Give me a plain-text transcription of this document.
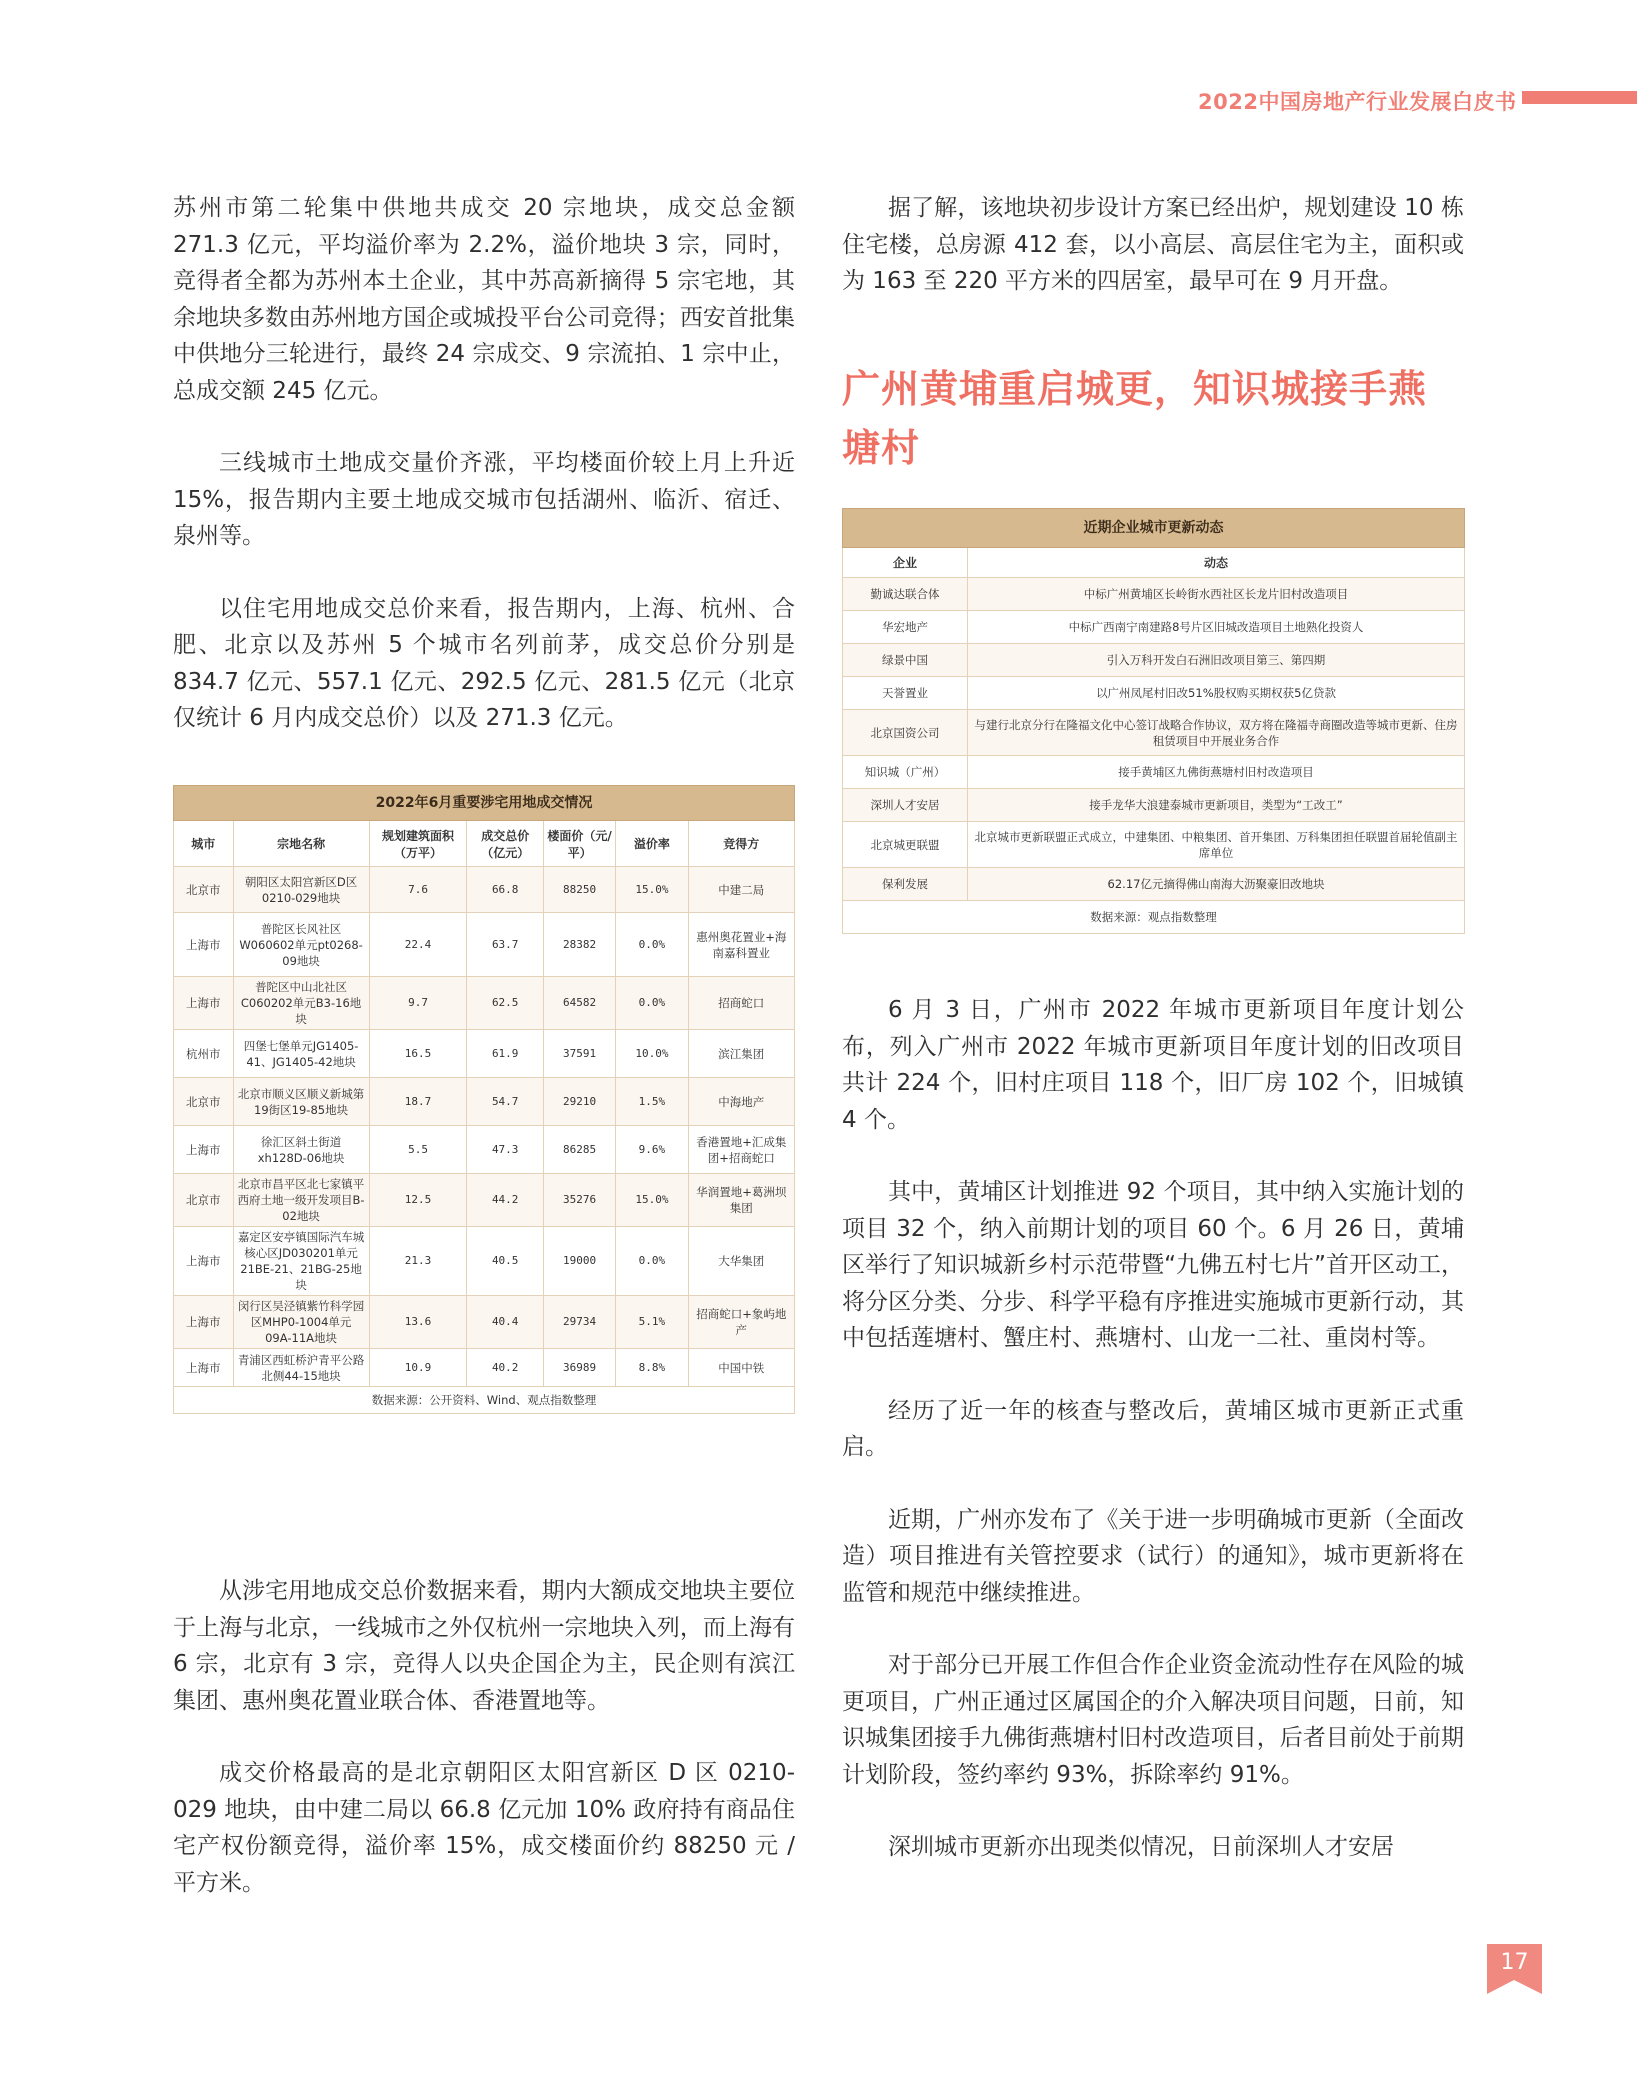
2022中国房地产行业发展白皮书

苏州市第二轮集中供地共成交 20 宗地块，成交总金额 271.3 亿元，平均溢价率为 2.2%，溢价地块 3 宗，同时，竞得者全都为苏州本土企业，其中苏高新摘得 5 宗宅地，其余地块多数由苏州地方国企或城投平台公司竞得；西安首批集中供地分三轮进行，最终 24 宗成交、9 宗流拍、1 宗中止，总成交额 245 亿元。

三线城市土地成交量价齐涨，平均楼面价较上月上升近 15%，报告期内主要土地成交城市包括湖州、临沂、宿迁、泉州等。

以住宅用地成交总价来看，报告期内，上海、杭州、合肥、北京以及苏州 5 个城市名列前茅，成交总价分别是 834.7 亿元、557.1 亿元、292.5 亿元、281.5 亿元（北京仅统计 6 月内成交总价）以及 271.3 亿元。

2022年6月重要涉宅用地成交情况						
城市	宗地名称	规划建筑面积（万平）	成交总价（亿元）	楼面价（元/平）	溢价率	竞得方
北京市	朝阳区太阳宫新区D区0210-029地块	7.6	66.8	88250	15.0%	中建二局
上海市	普陀区长风社区W060602单元pt0268-09地块	22.4	63.7	28382	0.0%	惠州奥花置业+海南嘉科置业
上海市	普陀区中山北社区C060202单元B3-16地块	9.7	62.5	64582	0.0%	招商蛇口
杭州市	四堡七堡单元JG1405-41、JG1405-42地块	16.5	61.9	37591	10.0%	滨江集团
北京市	北京市顺义区顺义新城第19街区19-85地块	18.7	54.7	29210	1.5%	中海地产
上海市	徐汇区斜土街道xh128D-06地块	5.5	47.3	86285	9.6%	香港置地+汇成集团+招商蛇口
北京市	北京市昌平区北七家镇平西府土地一级开发项目B-02地块	12.5	44.2	35276	15.0%	华润置地+葛洲坝集团
上海市	嘉定区安亭镇国际汽车城核心区JD030201单元21BE-21、21BG-25地块	21.3	40.5	19000	0.0%	大华集团
上海市	闵行区吴泾镇紫竹科学园区MHP0-1004单元09A-11A地块	13.6	40.4	29734	5.1%	招商蛇口+象屿地产
上海市	青浦区西虹桥沪青平公路北侧44-15地块	10.9	40.2	36989	8.8%	中国中铁
数据来源：公开资料、Wind、观点指数整理						

从涉宅用地成交总价数据来看，期内大额成交地块主要位于上海与北京，一线城市之外仅杭州一宗地块入列，而上海有 6 宗，北京有 3 宗，竞得人以央企国企为主，民企则有滨江集团、惠州奥花置业联合体、香港置地等。

成交价格最高的是北京朝阳区太阳宫新区 D 区 0210-029 地块，由中建二局以 66.8 亿元加 10% 政府持有商品住宅产权份额竞得，溢价率 15%，成交楼面价约 88250 元 / 平方米。

据了解，该地块初步设计方案已经出炉，规划建设 10 栋住宅楼，总房源 412 套，以小高层、高层住宅为主，面积或为 163 至 220 平方米的四居室，最早可在 9 月开盘。

广州黄埔重启城更，知识城接手燕塘村
近期企业城市更新动态	
企业	动态
勤诚达联合体	中标广州黄埔区长岭街水西社区长龙片旧村改造项目
华宏地产	中标广西南宁南建路8号片区旧城改造项目土地熟化投资人
绿景中国	引入万科开发白石洲旧改项目第三、第四期
天誉置业	以广州凤尾村旧改51%股权购买期权获5亿贷款
北京国资公司	与建行北京分行在隆福文化中心签订战略合作协议，双方将在隆福寺商圈改造等城市更新、住房租赁项目中开展业务合作
知识城（广州）	接手黄埔区九佛街燕塘村旧村改造项目
深圳人才安居	接手龙华大浪建泰城市更新项目，类型为“工改工”
北京城更联盟	北京城市更新联盟正式成立，中建集团、中粮集团、首开集团、万科集团担任联盟首届轮值副主席单位
保利发展	62.17亿元摘得佛山南海大沥聚豪旧改地块
数据来源：观点指数整理	

6 月 3 日，广州市 2022 年城市更新项目年度计划公布，列入广州市 2022 年城市更新项目年度计划的旧改项目共计 224 个，旧村庄项目 118 个，旧厂房 102 个，旧城镇 4 个。

其中，黄埔区计划推进 92 个项目，其中纳入实施计划的项目 32 个，纳入前期计划的项目 60 个。6 月 26 日，黄埔区举行了知识城新乡村示范带暨“九佛五村七片”首开区动工，将分区分类、分步、科学平稳有序推进实施城市更新行动，其中包括莲塘村、蟹庄村、燕塘村、山龙一二社、重岗村等。

经历了近一年的核查与整改后，黄埔区城市更新正式重启。

近期，广州亦发布了《关于进一步明确城市更新（全面改造）项目推进有关管控要求（试行）的通知》，城市更新将在监管和规范中继续推进。

对于部分已开展工作但合作企业资金流动性存在风险的城更项目，广州正通过区属国企的介入解决项目问题，日前，知识城集团接手九佛街燕塘村旧村改造项目，后者目前处于前期计划阶段，签约率约 93%，拆除率约 91%。

深圳城市更新亦出现类似情况，日前深圳人才安居

17
